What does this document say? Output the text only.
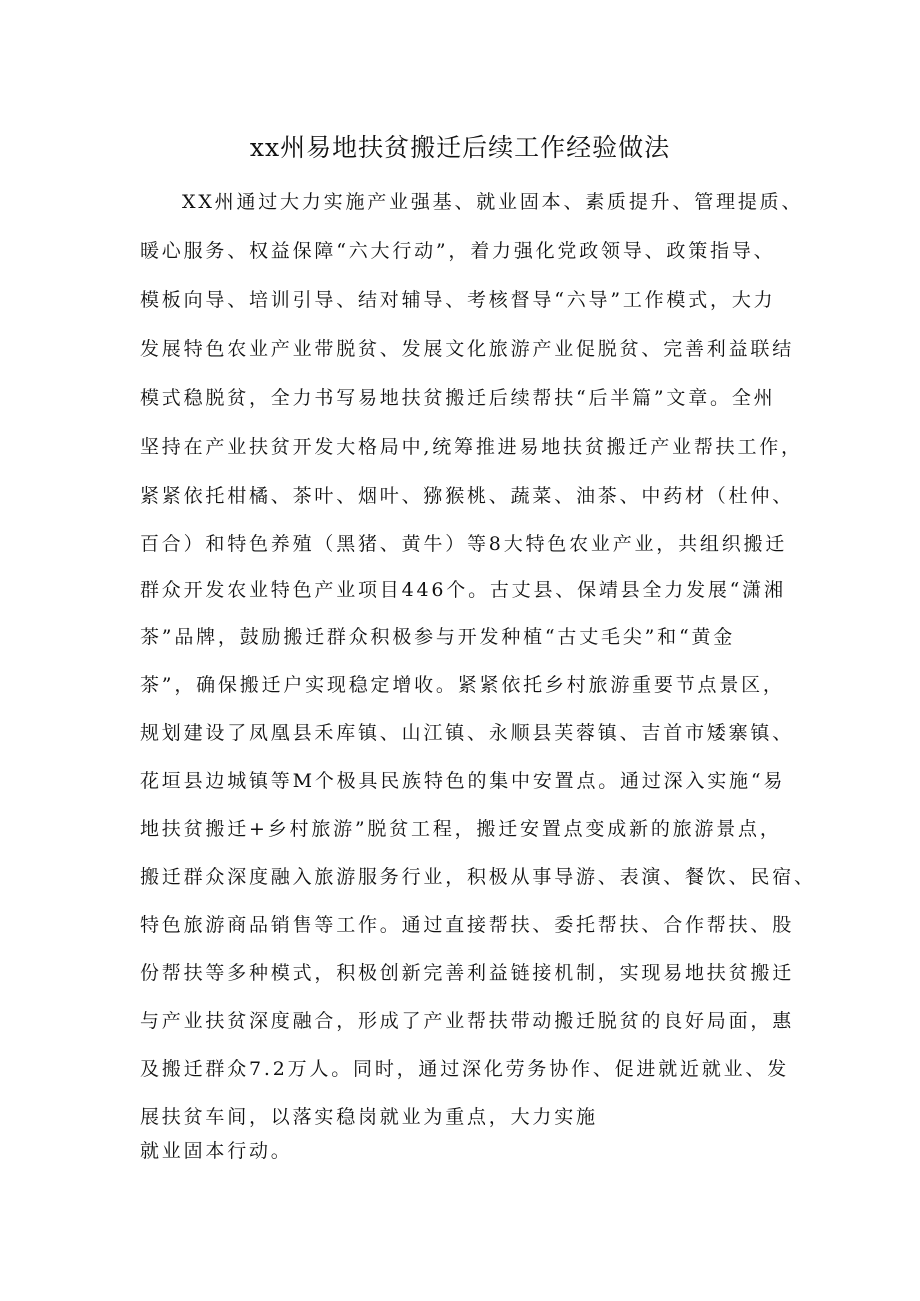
xx州易地扶贫搬迁后续工作经验做法
XX州通过大力实施产业强基、就业固本、素质提升、管理提质、
暖心服务、权益保障“六大行动”，着力强化党政领导、政策指导、
模板向导、培训引导、结对辅导、考核督导“六导”工作模式，大力
发展特色农业产业带脱贫、发展文化旅游产业促脱贫、完善利益联结
模式稳脱贫，全力书写易地扶贫搬迁后续帮扶“后半篇”文章。全州
坚持在产业扶贫开发大格局中,统筹推进易地扶贫搬迁产业帮扶工作，
紧紧依托柑橘、茶叶、烟叶、猕猴桃、蔬菜、油茶、中药材（杜仲、
百合）和特色养殖（黑猪、黄牛）等8大特色农业产业，共组织搬迁
群众开发农业特色产业项目446个。古丈县、保靖县全力发展“潇湘
茶”品牌，鼓励搬迁群众积极参与开发种植“古丈毛尖”和“黄金
茶”，确保搬迁户实现稳定增收。紧紧依托乡村旅游重要节点景区，
规划建设了凤凰县禾库镇、山江镇、永顺县芙蓉镇、吉首市矮寨镇、
花垣县边城镇等M个极具民族特色的集中安置点。通过深入实施“易
地扶贫搬迁+乡村旅游”脱贫工程，搬迁安置点变成新的旅游景点，
搬迁群众深度融入旅游服务行业，积极从事导游、表演、餐饮、民宿、
特色旅游商品销售等工作。通过直接帮扶、委托帮扶、合作帮扶、股
份帮扶等多种模式，积极创新完善利益链接机制，实现易地扶贫搬迁
与产业扶贫深度融合，形成了产业帮扶带动搬迁脱贫的良好局面，惠
及搬迁群众7.2万人。同时，通过深化劳务协作、促进就近就业、发
展扶贫车间，以落实稳岗就业为重点，大力实施
就业固本行动。
